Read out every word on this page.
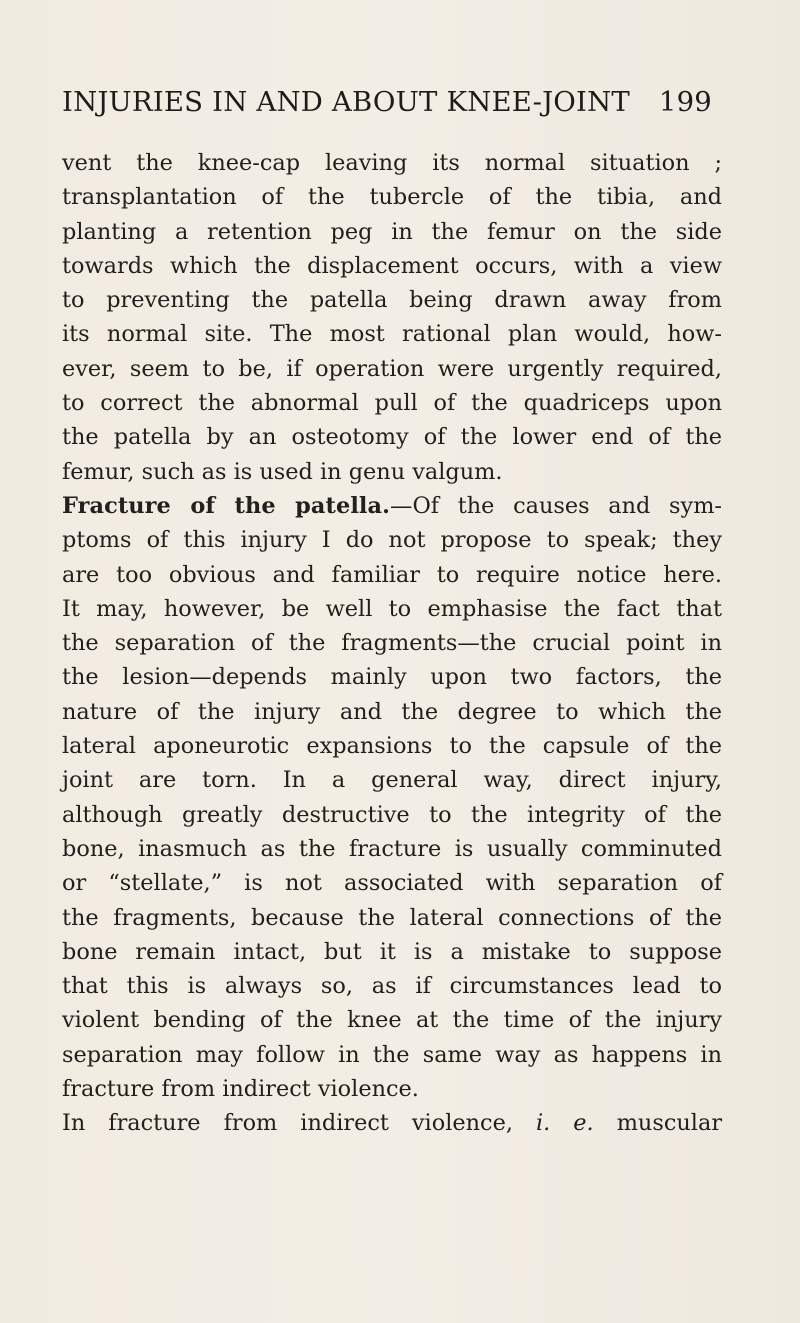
INJURIES IN AND ABOUT KNEE-JOINT 199
vent the knee-cap leaving its normal situation ;
transplantation of the tubercle of the tibia, and
planting a retention peg in the femur on the side
towards which the displacement occurs, with a view
to preventing the patella being drawn away from
its normal site. The most rational plan would, how-
ever, seem to be, if operation were urgently required,
to correct the abnormal pull of the quadriceps upon
the patella by an osteotomy of the lower end of the
femur, such as is used in genu valgum.
Fracture of the patella.—Of the causes and sym-
ptoms of this injury I do not propose to speak; they
are too obvious and familiar to require notice here.
It may, however, be well to emphasise the fact that
the separation of the fragments—the crucial point in
the lesion—depends mainly upon two factors, the
nature of the injury and the degree to which the
lateral aponeurotic expansions to the capsule of the
joint are torn. In a general way, direct injury,
although greatly destructive to the integrity of the
bone, inasmuch as the fracture is usually comminuted
or “stellate,” is not associated with separation of
the fragments, because the lateral connections of the
bone remain intact, but it is a mistake to suppose
that this is always so, as if circumstances lead to
violent bending of the knee at the time of the injury
separation may follow in the same way as happens in
fracture from indirect violence.
In fracture from indirect violence, i. e. muscular
